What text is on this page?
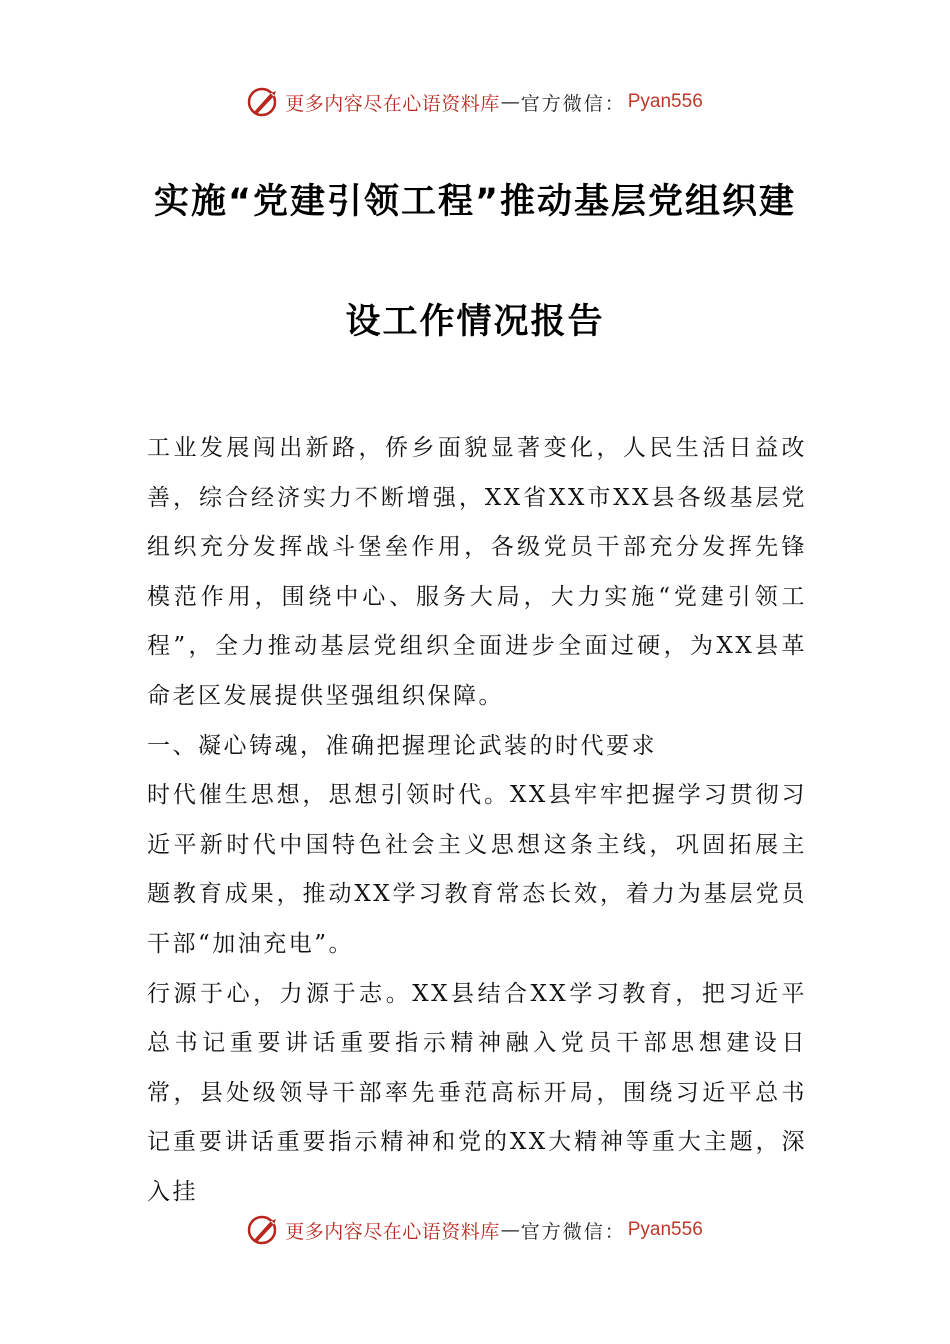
更多内容尽在心语资料库 — 官方微信： Pyan556
实施“党建引领工程”推动基层党组织建
设工作情况报告

工业发展闯出新路，侨乡面貌显著变化，人民生活日益改善，综合经济实力不断增强，XX省XX市XX县各级基层党组织充分发挥战斗堡垒作用，各级党员干部充分发挥先锋模范作用，围绕中心、服务大局，大力实施“党建引领工程”，全力推动基层党组织全面进步全面过硬，为XX县革命老区发展提供坚强组织保障。

一、凝心铸魂，准确把握理论武装的时代要求

时代催生思想，思想引领时代。XX县牢牢把握学习贯彻习近平新时代中国特色社会主义思想这条主线，巩固拓展主题教育成果，推动XX学习教育常态长效，着力为基层党员干部“加油充电”。

行源于心，力源于志。XX县结合XX学习教育，把习近平总书记重要讲话重要指示精神融入党员干部思想建设日常，县处级领导干部率先垂范高标开局，围绕习近平总书记重要讲话重要指示精神和党的XX大精神等重大主题，深入挂

更多内容尽在心语资料库 — 官方微信： Pyan556
